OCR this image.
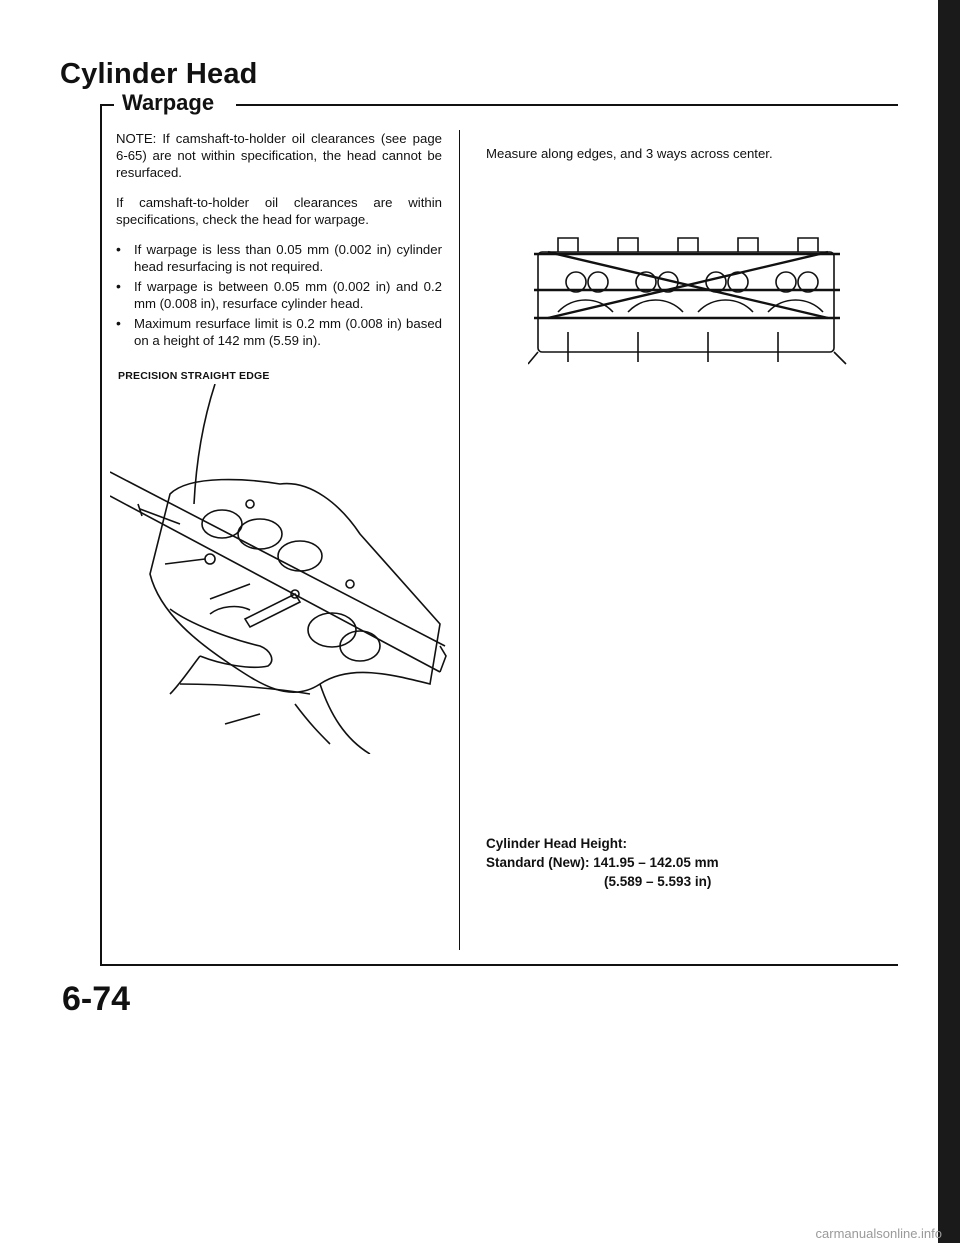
Cylinder Head
Warpage

NOTE: If camshaft-to-holder oil clearances (see page 6-65) are not within specification, the head cannot be resurfaced.

If camshaft-to-holder oil clearances are within specifications, check the head for warpage.

• If warpage is less than 0.05 mm (0.002 in) cylinder head resurfacing is not required.
• If warpage is between 0.05 mm (0.002 in) and 0.2 mm (0.008 in), resurface cylinder head.
• Maximum resurface limit is 0.2 mm (0.008 in) based on a height of 142 mm (5.59 in).
PRECISION STRAIGHT EDGE
Measure along edges, and 3 ways across center.
Cylinder Head Height:
Standard (New): 141.95 – 142.05 mm
(5.589 – 5.593 in)
6-74
carmanualsonline.info
